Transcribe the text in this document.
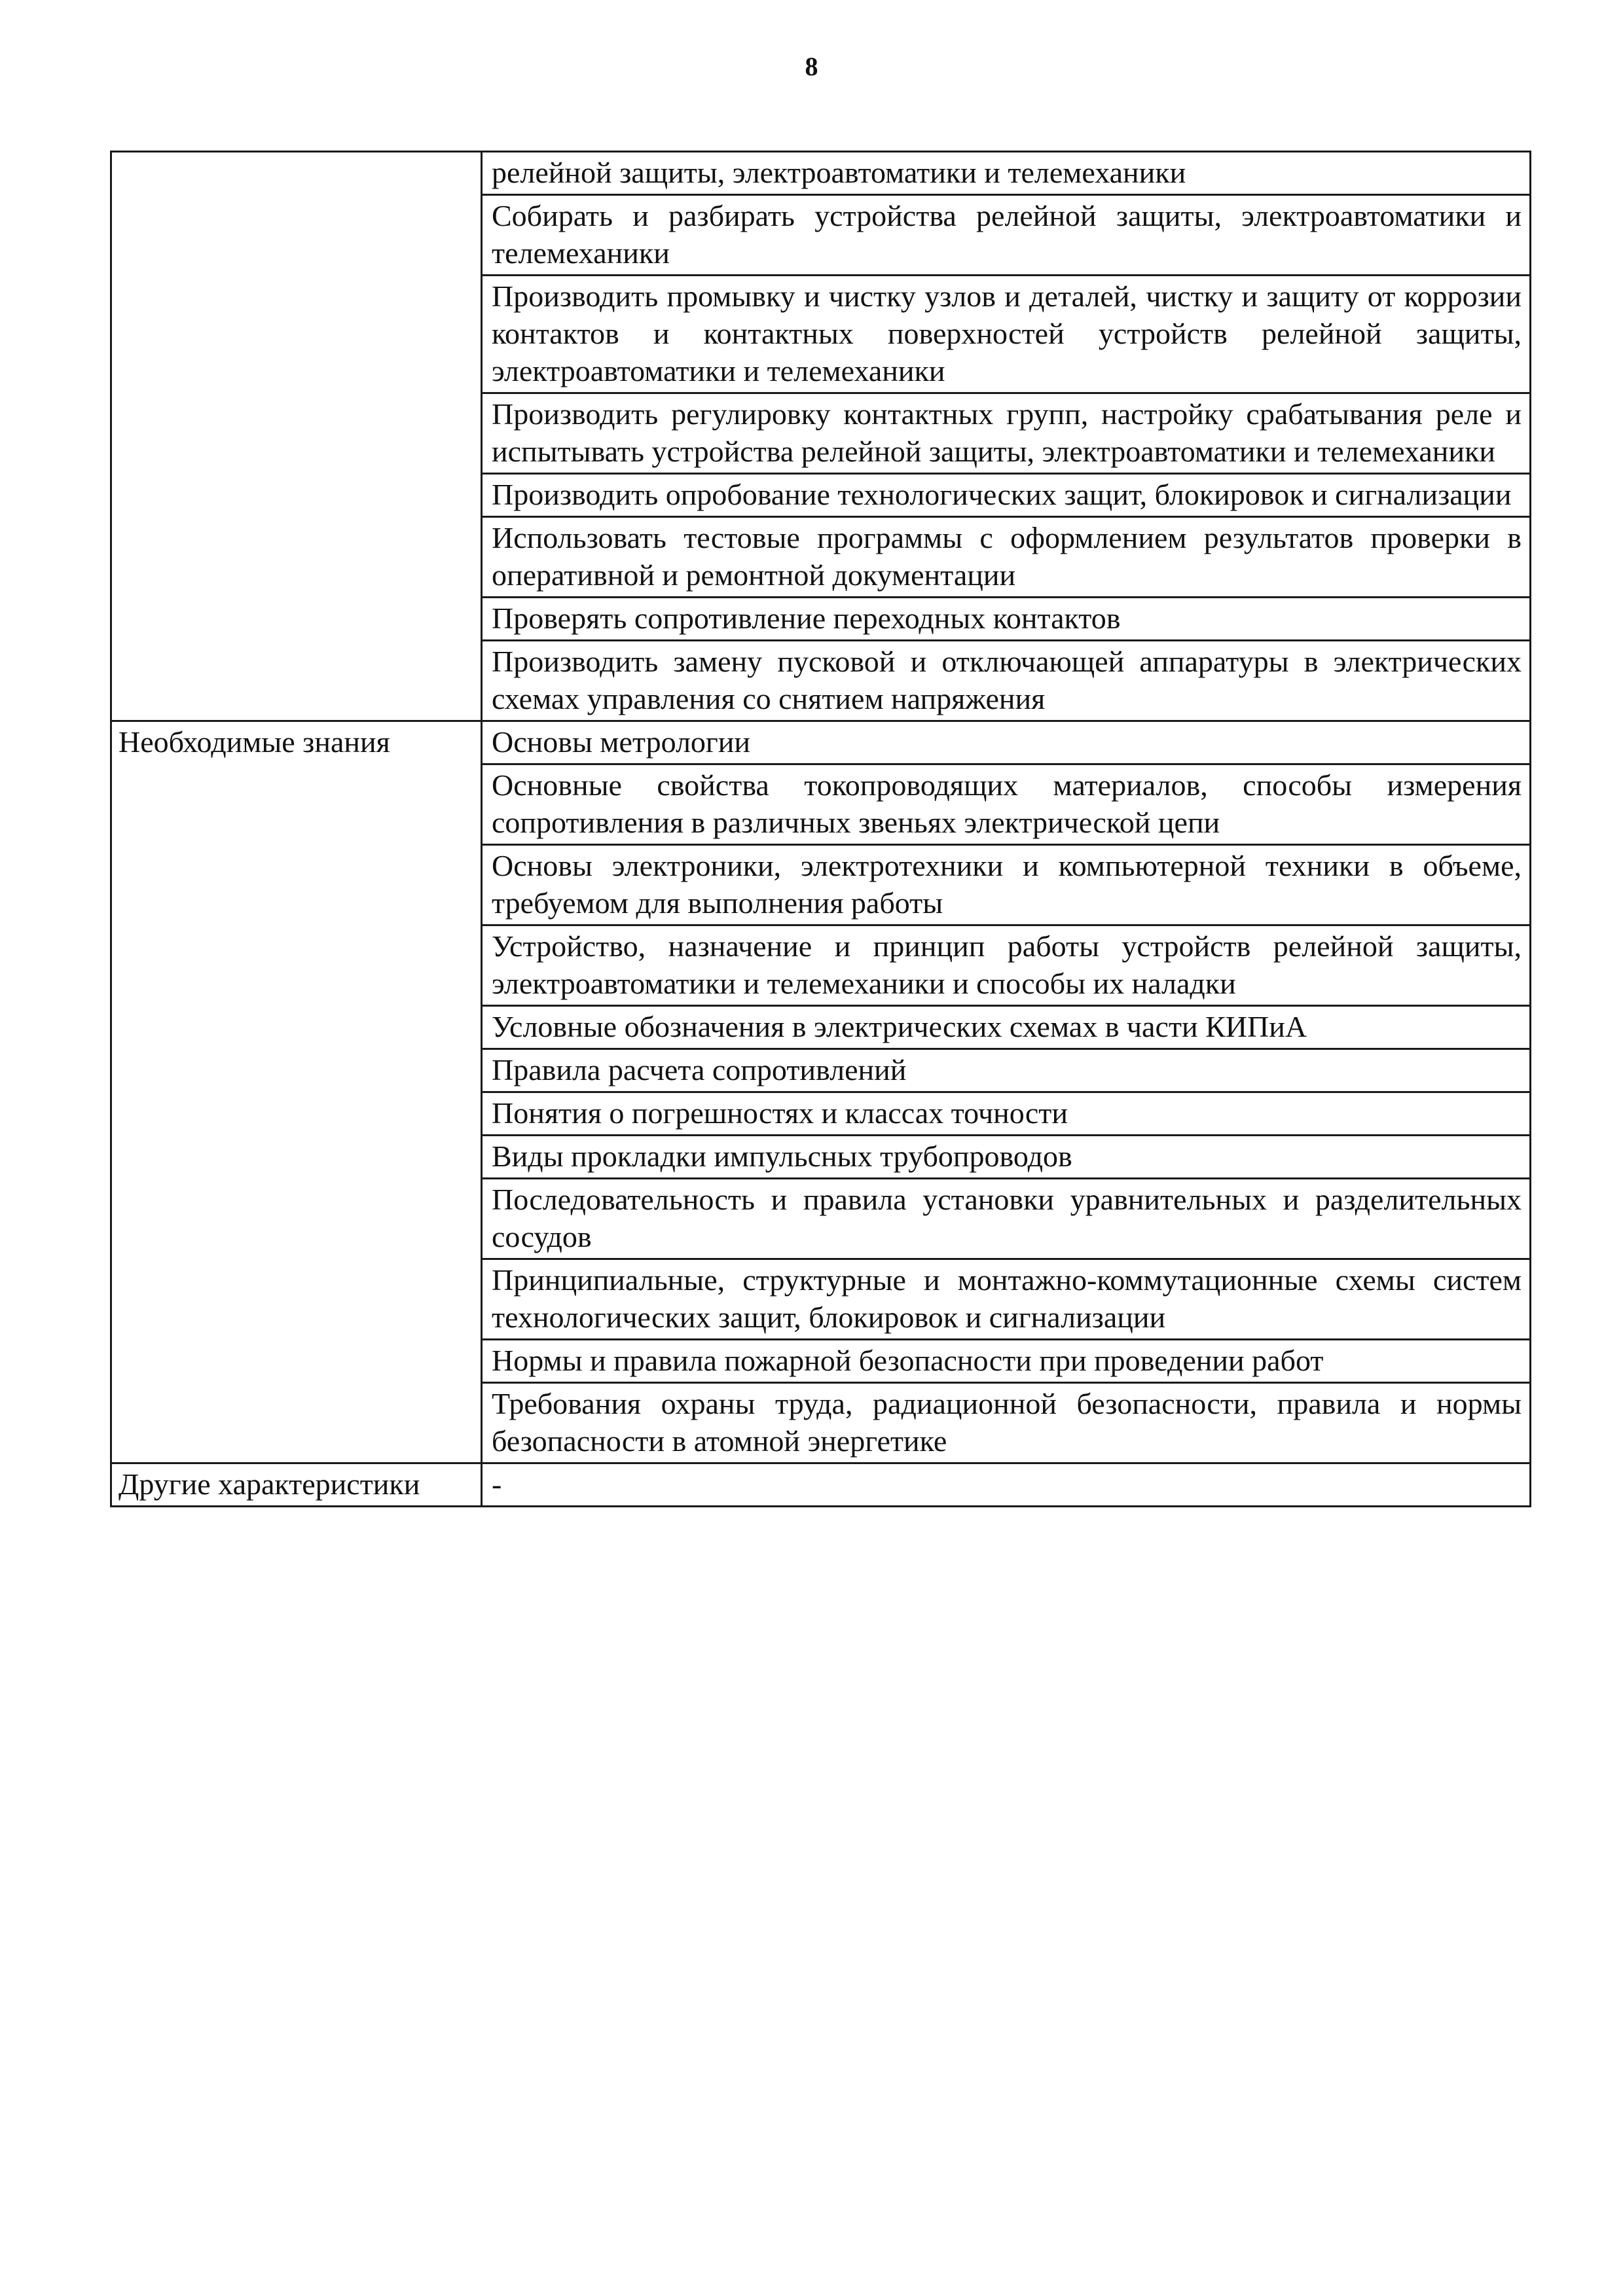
8
	релейной защиты, электроавтоматики и телемеханики
	Собирать и разбирать устройства релейной защиты, электроавтоматики и телемеханики
	Производить промывку и чистку узлов и деталей, чистку и защиту от коррозии контактов и контактных поверхностей устройств релейной защиты, электроавтоматики и телемеханики
	Производить регулировку контактных групп, настройку срабатывания реле и испытывать устройства релейной защиты, электроавтоматики и телемеханики
	Производить опробование технологических защит, блокировок и сигнализации
	Использовать тестовые программы с оформлением результатов проверки в оперативной и ремонтной документации
	Проверять сопротивление переходных контактов
	Производить замену пусковой и отключающей аппаратуры в электрических схемах управления со снятием напряжения
Необходимые знания	Основы метрологии
	Основные свойства токопроводящих материалов, способы измерения сопротивления в различных звеньях электрической цепи
	Основы электроники, электротехники и компьютерной техники в объеме, требуемом для выполнения работы
	Устройство, назначение и принцип работы устройств релейной защиты, электроавтоматики и телемеханики и способы их наладки
	Условные обозначения в электрических схемах в части КИПиА
	Правила расчета сопротивлений
	Понятия о погрешностях и классах точности
	Виды прокладки импульсных трубопроводов
	Последовательность и правила установки уравнительных и разделительных сосудов
	Принципиальные, структурные и монтажно-коммутационные схемы систем технологических защит, блокировок и сигнализации
	Нормы и правила пожарной безопасности при проведении работ
	Требования охраны труда, радиационной безопасности, правила и нормы безопасности в атомной энергетике
Другие характеристики	-
